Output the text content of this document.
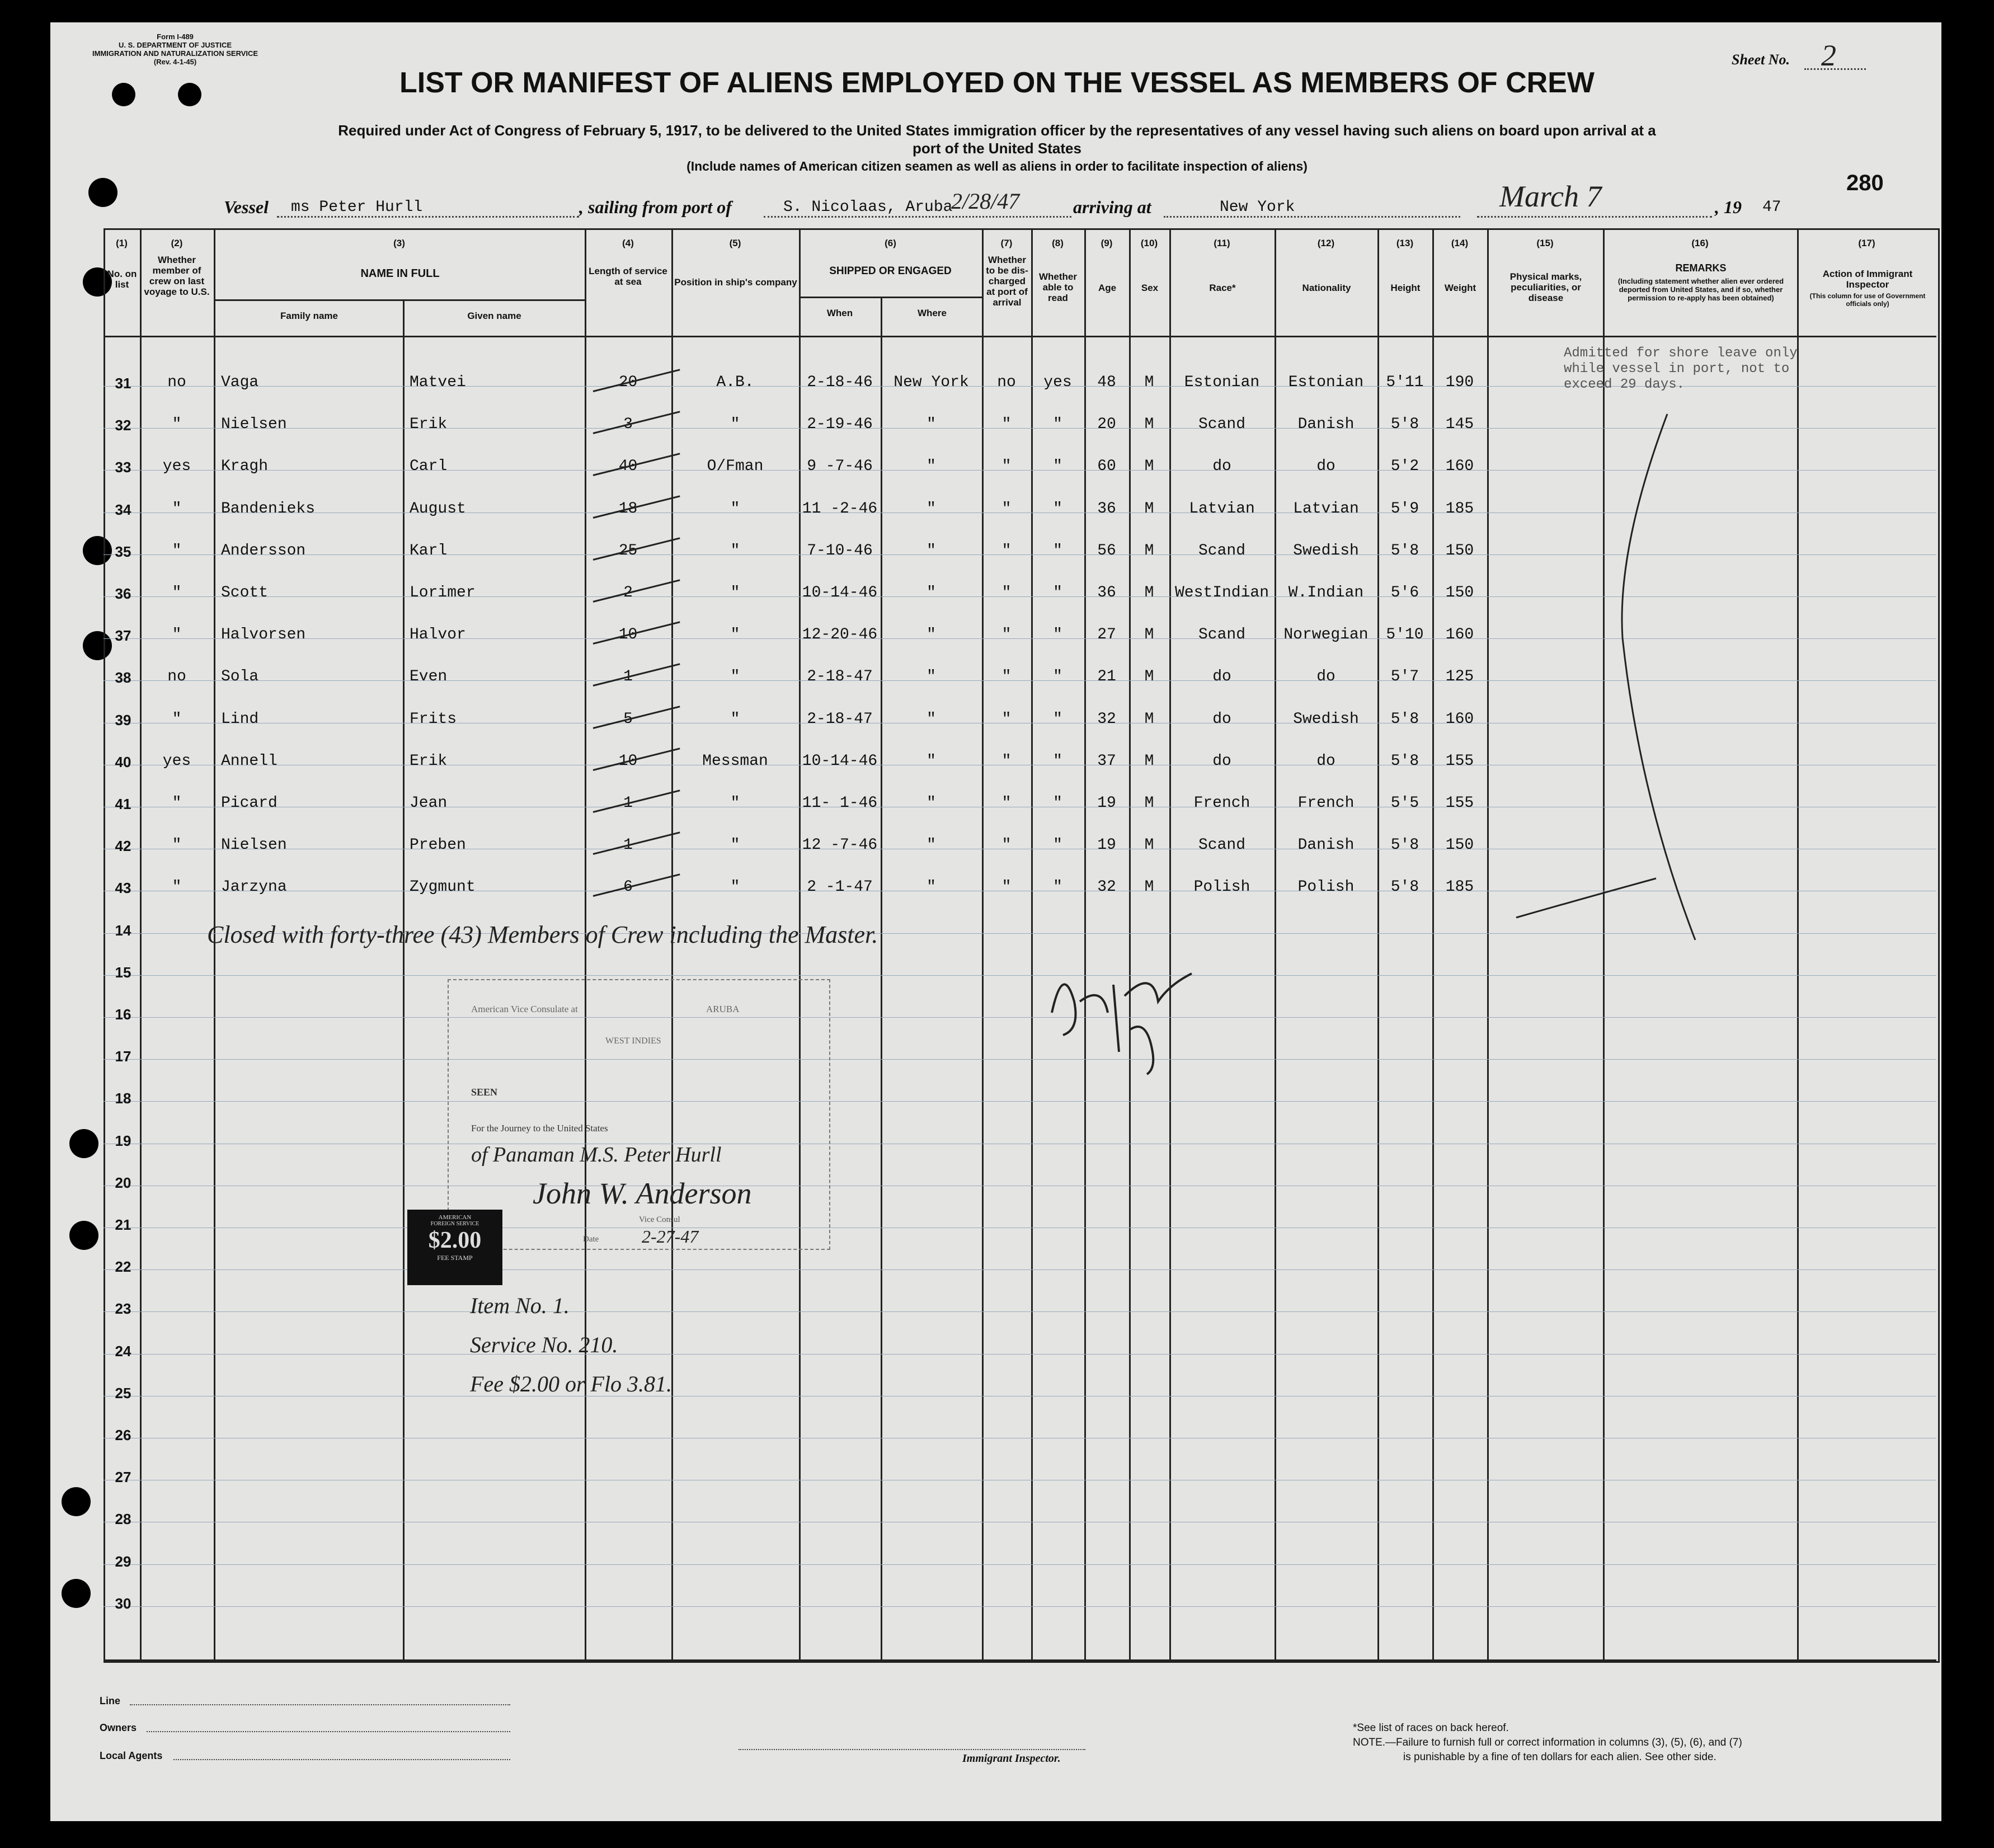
Form I-489
U. S. DEPARTMENT OF JUSTICE
IMMIGRATION AND NATURALIZATION SERVICE
(Rev. 4-1-45)	Sheet No. 2
LIST OR MANIFEST OF ALIENS EMPLOYED ON THE VESSEL AS MEMBERS OF CREW
Required under Act of Congress of February 5, 1917, to be delivered to the United States immigration officer by the representatives of any vessel having such aliens on board upon arrival at a
port of the United States
(Include names of American citizen seamen as well as aliens in order to facilitate inspection of aliens)
280
Vessel ms Peter Hurll	, sailing from port of	S. Nicolaas, Aruba
2/28/47	arriving at	New York	March 7	, 19 47
(1)	(2)	(3)	(4)	(5)	(6)	(7)	(8)	(9)	(10)	(11)	(12)	(13)	(14)	(15)	(16)	(17)
No. on list
Whether member of crew on last voyage to U.S.
NAME IN FULL
Family name	Given name
Length of service at sea	Position in ship's company
SHIPPED OR ENGAGED
When	Where
Whether to be dis-charged at port of arrival
Whether able to read
Age	Sex	Race*	Nationality	Height	Weight
Physical marks, peculiarities, or disease
REMARKS
(Including statement whether alien ever ordered deported from United States, and if so, whether permission to re-apply has been obtained)
Action of Immigrant Inspector
(This column for use of Government officials only)
31	no	Vaga	Matvei	20	A.B.	2-18-46	New York	no	yes	48	M	Estonian	Estonian	5'11	190
32	"	Nielsen	Erik	3	"	2-19-46	"	"	"	20	M	Scand	Danish	5'8	145
33	yes	Kragh	Carl	40	O/Fman	9 -7-46	"	"	"	60	M	do	do	5'2	160
34	"	Bandenieks	August	18	"	11 -2-46	"	"	"	36	M	Latvian	Latvian	5'9	185
35	"	Andersson	Karl	25	"	7-10-46	"	"	"	56	M	Scand	Swedish	5'8	150
36	"	Scott	Lorimer	2	"	10-14-46	"	"	"	36	M	WestIndian	W.Indian	5'6	150
37	"	Halvorsen	Halvor	10	"	12-20-46	"	"	"	27	M	Scand	Norwegian	5'10	160
38	no	Sola	Even	1	"	2-18-47	"	"	"	21	M	do	do	5'7	125
39	"	Lind	Frits	5	"	2-18-47	"	"	"	32	M	do	Swedish	5'8	160
40	yes	Annell	Erik	10	Messman	10-14-46	"	"	"	37	M	do	do	5'8	155
41	"	Picard	Jean	1	"	11- 1-46	"	"	"	19	M	French	French	5'5	155
42	"	Nielsen	Preben	1	"	12 -7-46	"	"	"	19	M	Scand	Danish	5'8	150
43	"	Jarzyna	Zygmunt	6	"	2 -1-47	"	"	"	32	M	Polish	Polish	5'8	185
14
15
16
17
18
19
20
21
22
23
24
25
26
27
28
29
30
Admitted for shore leave only
while vessel in port, not to
exceed 29 days.
Closed with forty-three (43) Members of Crew including the Master.
American Vice Consulate at	ARUBA
WEST INDIES
SEEN
For the Journey to the United States
of Panaman M.S. Peter Hurll
John W. Anderson
Vice Consul
Date 2-27-47
AMERICAN
FOREIGN SERVICE
$2.00
FEE STAMP
Item No. 1.
Service No. 210.
Fee $2.00 or Flo 3.81.
Line
Owners
Local Agents	Immigrant Inspector.
*See list of races on back hereof.
NOTE.—Failure to furnish full or correct information in columns (3), (5), (6), and (7)
is punishable by a fine of ten dollars for each alien. See other side.
